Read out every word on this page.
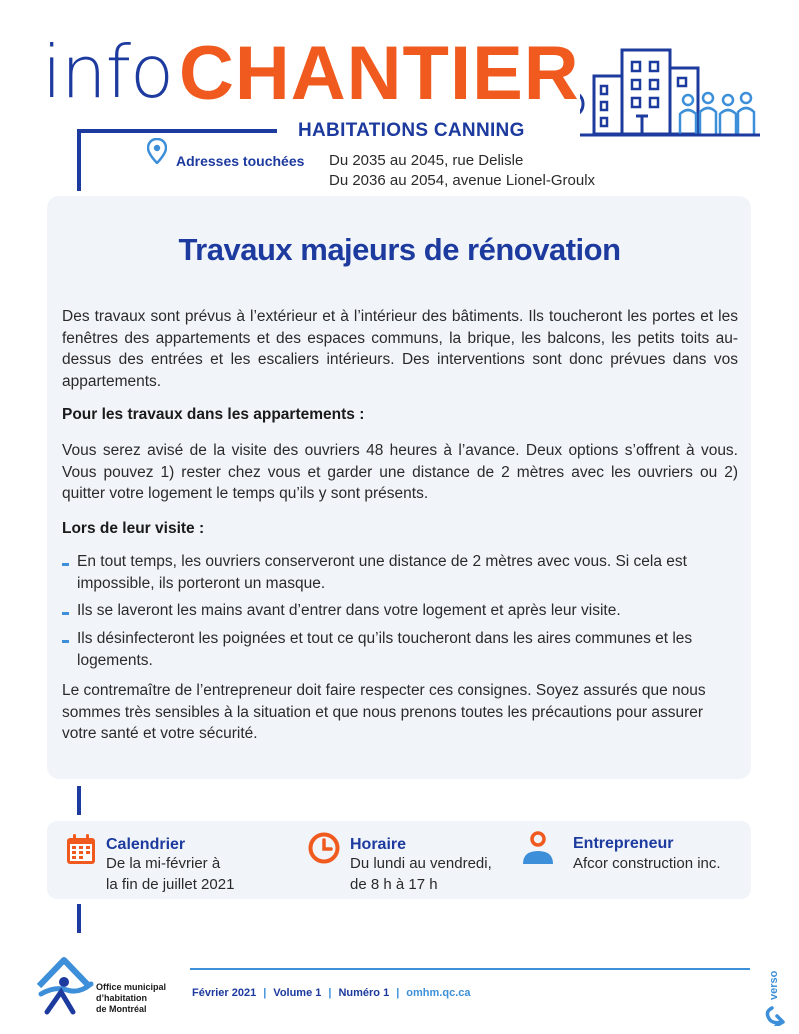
info CHANTIER
HABITATIONS CANNING
Adresses touchées Du 2035 au 2045, rue Delisle
Du 2036 au 2054, avenue Lionel-Groulx
Travaux majeurs de rénovation
Des travaux sont prévus à l’extérieur et à l’intérieur des bâtiments. Ils toucheront les portes et les fenêtres des appartements et des espaces communs, la brique, les balcons, les petits toits au-dessus des entrées et les escaliers intérieurs. Des interventions sont donc prévues dans vos appartements.
Pour les travaux dans les appartements :
Vous serez avisé de la visite des ouvriers 48 heures à l’avance. Deux options s’offrent à vous. Vous pouvez 1) rester chez vous et garder une distance de 2 mètres avec les ouvriers ou 2) quitter votre logement le temps qu’ils y sont présents.
Lors de leur visite :
En tout temps, les ouvriers conserveront une distance de 2 mètres avec vous. Si cela est impossible, ils porteront un masque.
Ils se laveront les mains avant d’entrer dans votre logement et après leur visite.
Ils désinfecteront les poignées et tout ce qu’ils toucheront dans les aires communes et les logements.
Le contremaître de l’entrepreneur doit faire respecter ces consignes. Soyez assurés que nous sommes très sensibles à la situation et que nous prenons toutes les précautions pour assurer votre santé et votre sécurité.
Calendrier
De la mi-février à
la fin de juillet 2021
Horaire
Du lundi au vendredi,
de 8 h à 17 h
Entrepreneur
Afcor construction inc.
Office municipal
d’habitation
de Montréal
Février 2021 | Volume 1 | Numéro 1 | omhm.qc.ca	verso
